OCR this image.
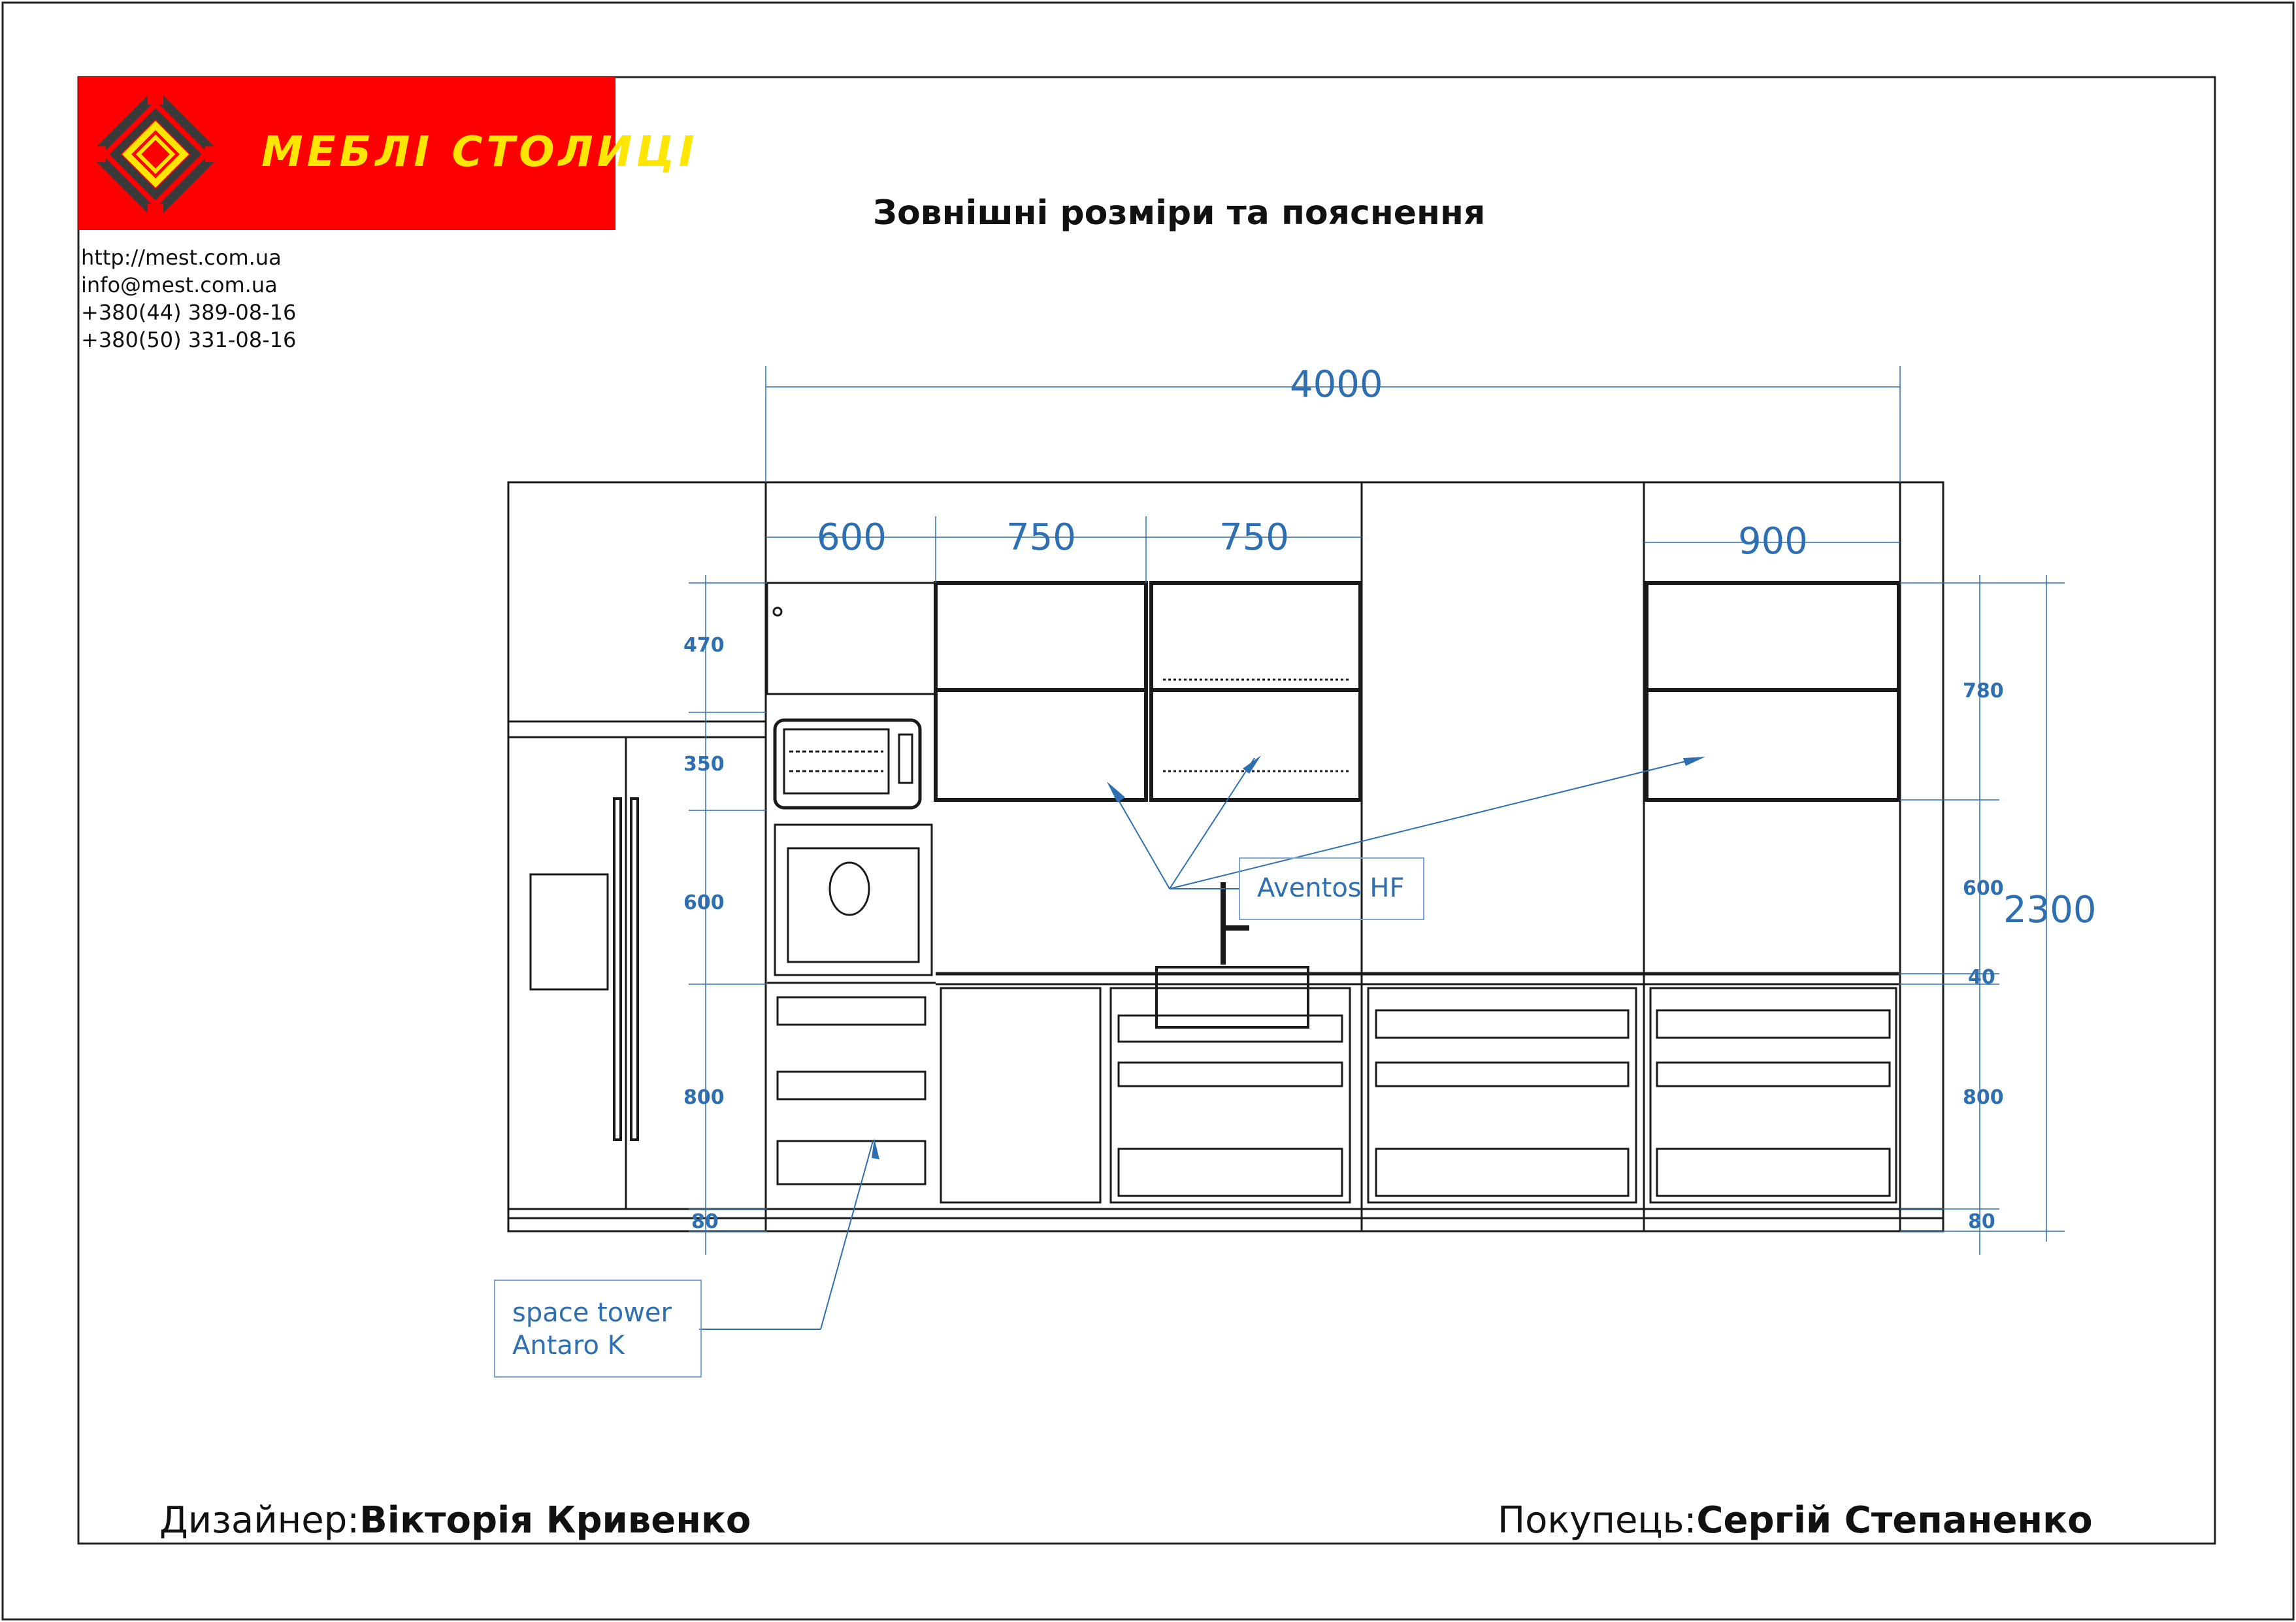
МЕБЛІ СТОЛИЦІ
http://mest.com.ua
info@mest.com.ua
+380(44) 389-08-16
+380(50) 331-08-16
Зовнішні розміри та пояснення
4000
600	750	750	900
470
350
600
800
80
780
600
40
800
80
2300
Aventos HF
space tower
Antaro K
Дизайнер:Вікторія Кривенко	Покупець:Сергій Степаненко
